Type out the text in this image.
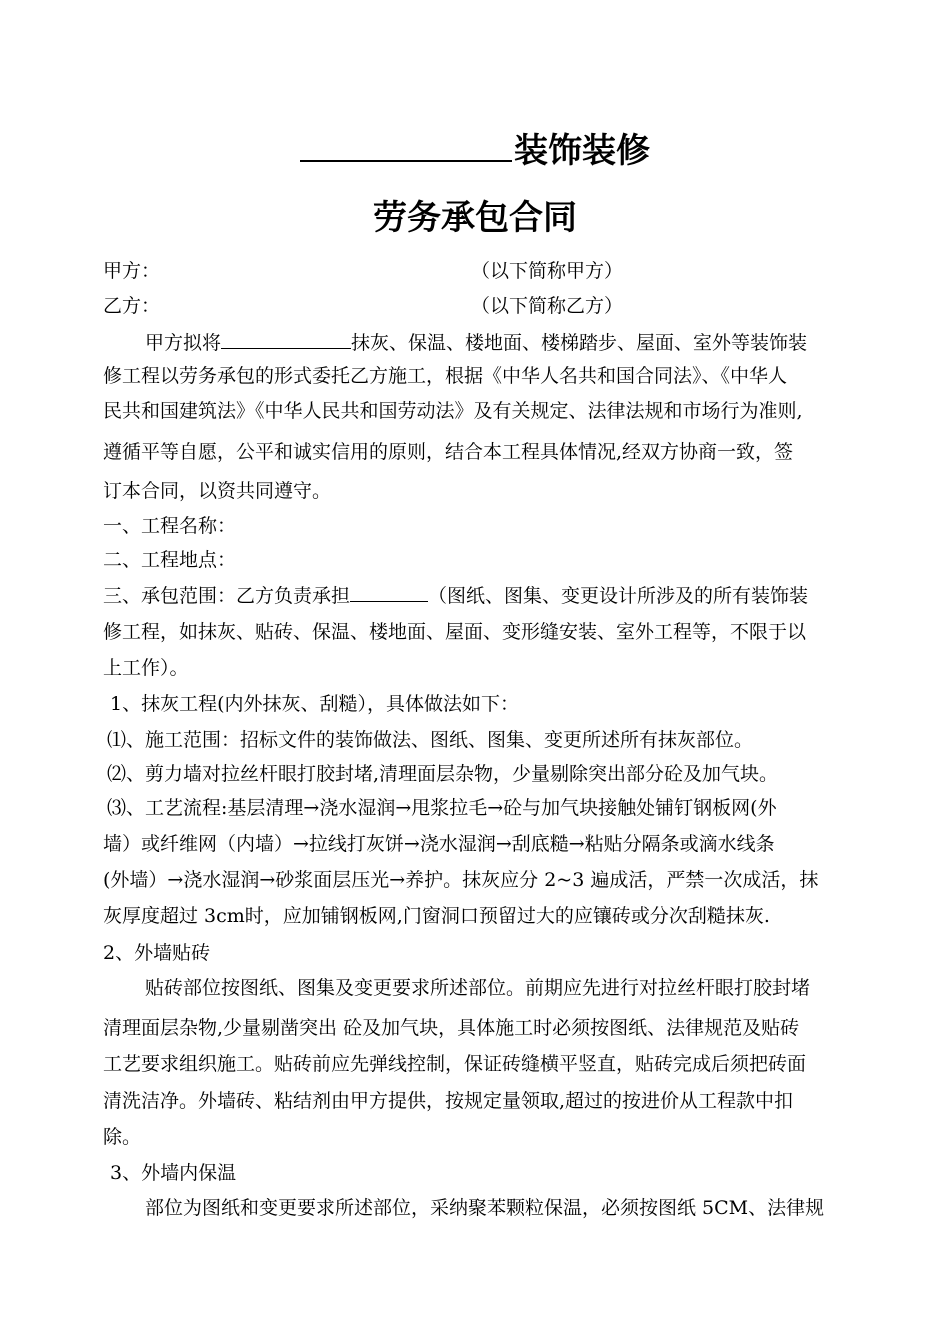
装饰装修
劳务承包合同
甲方：	（以下简称甲方）
乙方：	（以下简称乙方）
甲方拟将	抹灰、保温、楼地面、楼梯踏步、屋面、室外等装饰装
修工程以劳务承包的形式委托乙方施工，根据《中华人名共和国合同法》、《中华人
民共和国建筑法》《中华人民共和国劳动法》及有关规定、法律法规和市场行为准则,
遵循平等自愿，公平和诚实信用的原则，结合本工程具体情况,经双方协商一致，签
订本合同，以资共同遵守。
一、工程名称：
二、工程地点：
三、承包范围：乙方负责承担	（图纸、图集、变更设计所涉及的所有装饰装
修工程，如抹灰、贴砖、保温、楼地面、屋面、变形缝安装、室外工程等，不限于以
上工作）。
1、抹灰工程(内外抹灰、刮糙），具体做法如下：
⑴、施工范围：招标文件的装饰做法、图纸、图集、变更所述所有抹灰部位。
⑵、剪力墙对拉丝杆眼打胶封堵,清理面层杂物，少量剔除突出部分砼及加气块。
⑶、工艺流程:基层清理→浇水湿润→甩浆拉毛→砼与加气块接触处铺钉钢板网(外
墙）或纤维网（内墙）→拉线打灰饼→浇水湿润→刮底糙→粘贴分隔条或滴水线条
(外墙）→浇水湿润→砂浆面层压光→养护。抹灰应分 2~3 遍成活，严禁一次成活，抹
灰厚度超过 3cm时，应加铺钢板网,门窗洞口预留过大的应镶砖或分次刮糙抹灰.
2、外墙贴砖
贴砖部位按图纸、图集及变更要求所述部位。前期应先进行对拉丝杆眼打胶封堵
清理面层杂物,少量剔凿突出 砼及加气块，具体施工时必须按图纸、法律规范及贴砖
工艺要求组织施工。贴砖前应先弹线控制，保证砖缝横平竖直，贴砖完成后须把砖面
清洗洁净。外墙砖、粘结剂由甲方提供，按规定量领取,超过的按进价从工程款中扣
除。
3、外墙内保温
部位为图纸和变更要求所述部位，采纳聚苯颗粒保温，必须按图纸 5CM、法律规
